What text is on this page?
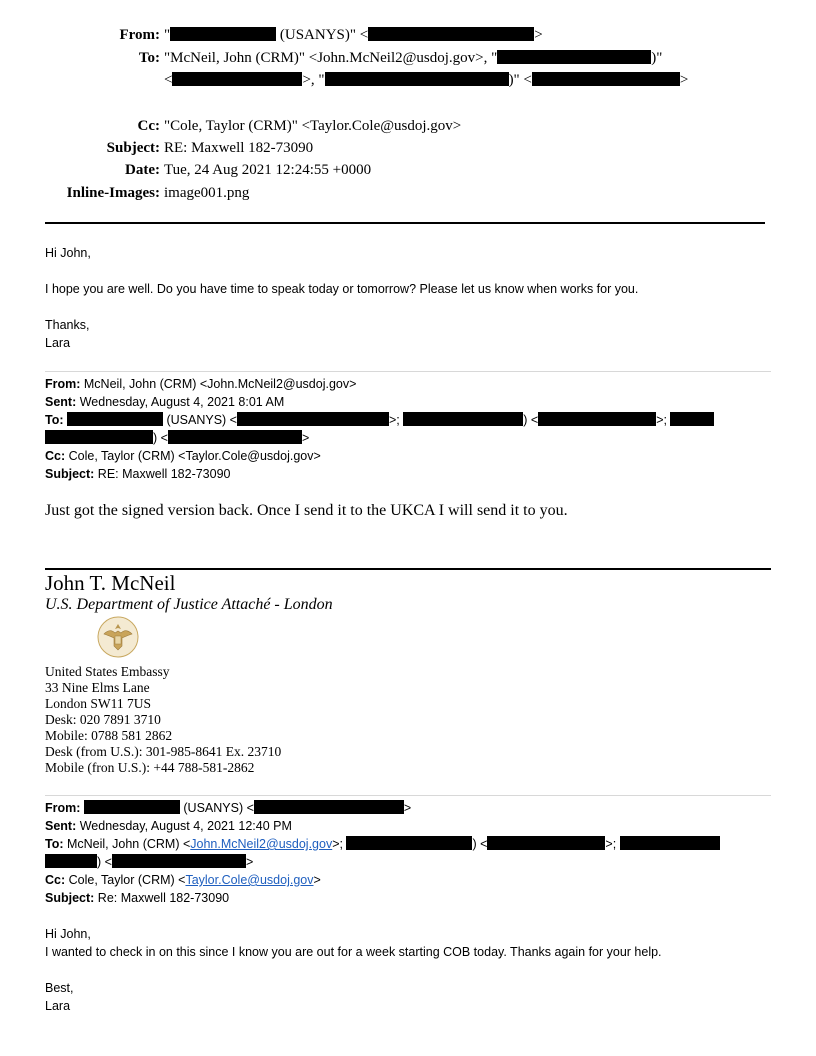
From: "	(USANYS)" <	>
To: "McNeil, John (CRM)" <John.McNeil2@usdoj.gov>, "	)"
<	>, "	)" <	>
Cc: "Cole, Taylor (CRM)" <Taylor.Cole@usdoj.gov>
Subject: RE: Maxwell 182-73090
Date: Tue, 24 Aug 2021 12:24:55 +0000
Inline-Images: image001.png
Hi John,
I hope you are well. Do you have time to speak today or tomorrow? Please let us know when works for you.
Thanks,
Lara
From: McNeil, John (CRM) <John.McNeil2@usdoj.gov>
Sent: Wednesday, August 4, 2021 8:01 AM
To:	(USANYS) <	>;	) <	>;
) <	>
Cc: Cole, Taylor (CRM) <Taylor.Cole@usdoj.gov>
Subject: RE: Maxwell 182-73090
Just got the signed version back. Once I send it to the UKCA I will send it to you.
John T. McNeil
U.S. Department of Justice Attaché - London
United States Embassy
33 Nine Elms Lane
London SW11 7US
Desk: 020 7891 3710
Mobile: 0788 581 2862
Desk (from U.S.): 301-985-8641 Ex. 23710
Mobile (fron U.S.): +44 788-581-2862
From:	(USANYS) <	>
Sent: Wednesday, August 4, 2021 12:40 PM
To: McNeil, John (CRM) <John.McNeil2@usdoj.gov>;	) <	>;
) <	>
Cc: Cole, Taylor (CRM) <Taylor.Cole@usdoj.gov>
Subject: Re: Maxwell 182-73090
Hi John,
I wanted to check in on this since I know you are out for a week starting COB today. Thanks again for your help.
Best,
Lara
